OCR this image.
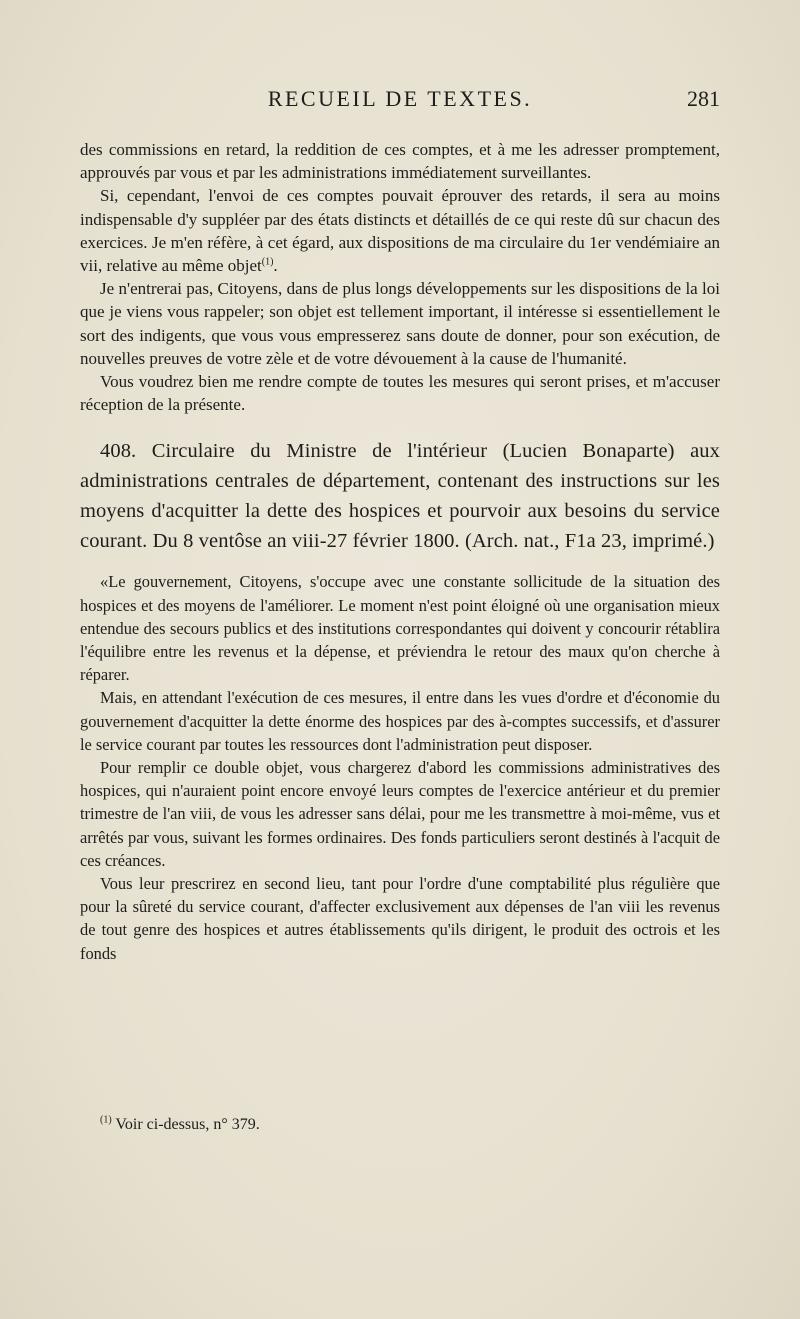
RECUEIL DE TEXTES.	281

des commissions en retard, la reddition de ces comptes, et à me les adresser promptement, approuvés par vous et par les administrations immédiatement surveillantes.

Si, cependant, l'envoi de ces comptes pouvait éprouver des retards, il sera au moins indispensable d'y suppléer par des états distincts et détaillés de ce qui reste dû sur chacun des exercices. Je m'en réfère, à cet égard, aux dispositions de ma circulaire du 1er vendémiaire an vii, relative au même objet$^{(1)}$.

Je n'entrerai pas, Citoyens, dans de plus longs développements sur les dispositions de la loi que je viens vous rappeler; son objet est tellement important, il intéresse si essentiellement le sort des indigents, que vous vous empresserez sans doute de donner, pour son exécution, de nouvelles preuves de votre zèle et de votre dévouement à la cause de l'humanité.

Vous voudrez bien me rendre compte de toutes les mesures qui seront prises, et m'accuser réception de la présente.

408. Circulaire du Ministre de l'intérieur (Lucien Bonaparte) aux administrations centrales de département, contenant des instructions sur les moyens d'acquitter la dette des hospices et pourvoir aux besoins du service courant. Du 8 ventôse an viii-27 février 1800. (Arch. nat., F1a 23, imprimé.)

«Le gouvernement, Citoyens, s'occupe avec une constante sollicitude de la situation des hospices et des moyens de l'améliorer. Le moment n'est point éloigné où une organisation mieux entendue des secours publics et des institutions correspondantes qui doivent y concourir rétablira l'équilibre entre les revenus et la dépense, et préviendra le retour des maux qu'on cherche à réparer.

Mais, en attendant l'exécution de ces mesures, il entre dans les vues d'ordre et d'économie du gouvernement d'acquitter la dette énorme des hospices par des à-comptes successifs, et d'assurer le service courant par toutes les ressources dont l'administration peut disposer.

Pour remplir ce double objet, vous chargerez d'abord les commissions administratives des hospices, qui n'auraient point encore envoyé leurs comptes de l'exercice antérieur et du premier trimestre de l'an viii, de vous les adresser sans délai, pour me les transmettre à moi-même, vus et arrêtés par vous, suivant les formes ordinaires. Des fonds particuliers seront destinés à l'acquit de ces créances.

Vous leur prescrirez en second lieu, tant pour l'ordre d'une comptabilité plus régulière que pour la sûreté du service courant, d'affecter exclusivement aux dépenses de l'an viii les revenus de tout genre des hospices et autres établissements qu'ils dirigent, le produit des octrois et les fonds

$^{(1)}$ Voir ci-dessus, n° 379.
